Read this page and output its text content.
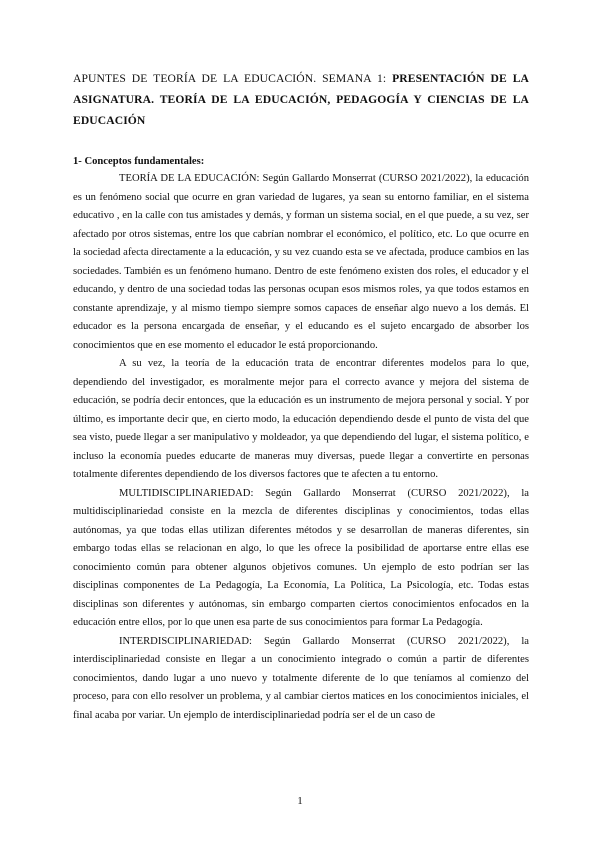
APUNTES DE TEORÍA DE LA EDUCACIÓN. SEMANA 1: PRESENTACIÓN DE LA ASIGNATURA. TEORÍA DE LA EDUCACIÓN, PEDAGOGÍA Y CIENCIAS DE LA EDUCACIÓN

1- Conceptos fundamentales:

TEORÍA DE LA EDUCACIÓN: Según Gallardo Monserrat (CURSO 2021/2022), la educación es un fenómeno social que ocurre en gran variedad de lugares, ya sean su entorno familiar, en el sistema educativo , en la calle con tus amistades y demás, y forman un sistema social, en el que puede, a su vez, ser afectado por otros sistemas, entre los que cabrían nombrar el económico, el político, etc. Lo que ocurre en la sociedad afecta directamente a la educación, y su vez cuando esta se ve afectada, produce cambios en las sociedades. También es un fenómeno humano. Dentro de este fenómeno existen dos roles, el educador y el educando, y dentro de una sociedad todas las personas ocupan esos mismos roles, ya que todos estamos en constante aprendizaje, y al mismo tiempo siempre somos capaces de enseñar algo nuevo a los demás. El educador es la persona encargada de enseñar, y el educando es el sujeto encargado de absorber los conocimientos que en ese momento el educador le está proporcionando.

A su vez, la teoría de la educación trata de encontrar diferentes modelos para lo que, dependiendo del investigador, es moralmente mejor para el correcto avance y mejora del sistema de educación, se podría decir entonces, que la educación es un instrumento de mejora personal y social. Y por último, es importante decir que, en cierto modo, la educación dependiendo desde el punto de vista del que sea visto, puede llegar a ser manipulativo y moldeador, ya que dependiendo del lugar, el sistema político, e incluso la economía puedes educarte de maneras muy diversas, puede llegar a convertirte en personas totalmente diferentes dependiendo de los diversos factores que te afecten a tu entorno.

MULTIDISCIPLINARIEDAD: Según Gallardo Monserrat (CURSO 2021/2022), la multidisciplinariedad consiste en la mezcla de diferentes disciplinas y conocimientos, todas ellas autónomas, ya que todas ellas utilizan diferentes métodos y se desarrollan de maneras diferentes, sin embargo todas ellas se relacionan en algo, lo que les ofrece la posibilidad de aportarse entre ellas ese conocimiento común para obtener algunos objetivos comunes. Un ejemplo de esto podrían ser las disciplinas componentes de La Pedagogía, La Economía, La Política, La Psicología, etc. Todas estas disciplinas son diferentes y autónomas, sin embargo comparten ciertos conocimientos enfocados en la educación entre ellos, por lo que unen esa parte de sus conocimientos para formar La Pedagogía.

INTERDISCIPLINARIEDAD: Según Gallardo Monserrat (CURSO 2021/2022), la interdisciplinariedad consiste en llegar a un conocimiento integrado o común a partir de diferentes conocimientos, dando lugar a uno nuevo y totalmente diferente de lo que teníamos al comienzo del proceso, para con ello resolver un problema, y al cambiar ciertos matices en los conocimientos iniciales, el final acaba por variar. Un ejemplo de interdisciplinariedad podría ser el de un caso de

1
